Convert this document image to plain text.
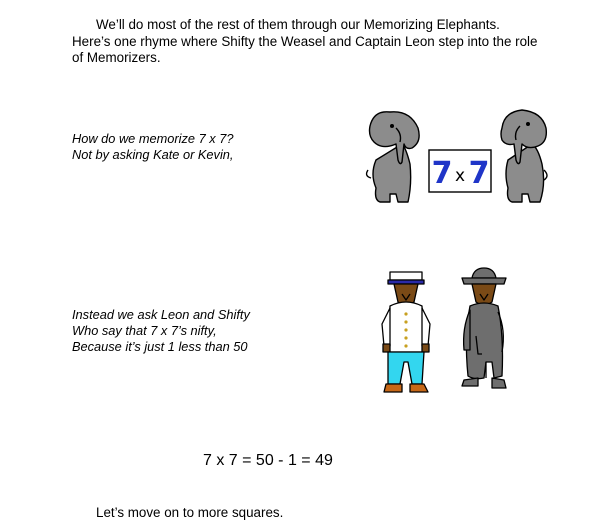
We’ll do most of the rest of them through our Memorizing Elephants. Here’s one rhyme where Shifty the Weasel and Captain Leon step into the role of Memorizers.

How do we memorize 7 x 7?
Not by asking Kate or Kevin,
7 x 7
Instead we ask Leon and Shifty
Who say that 7 x 7’s nifty,
Because it’s just 1 less than 50
7 x 7 = 50 - 1 = 49
Let’s move on to more squares.
